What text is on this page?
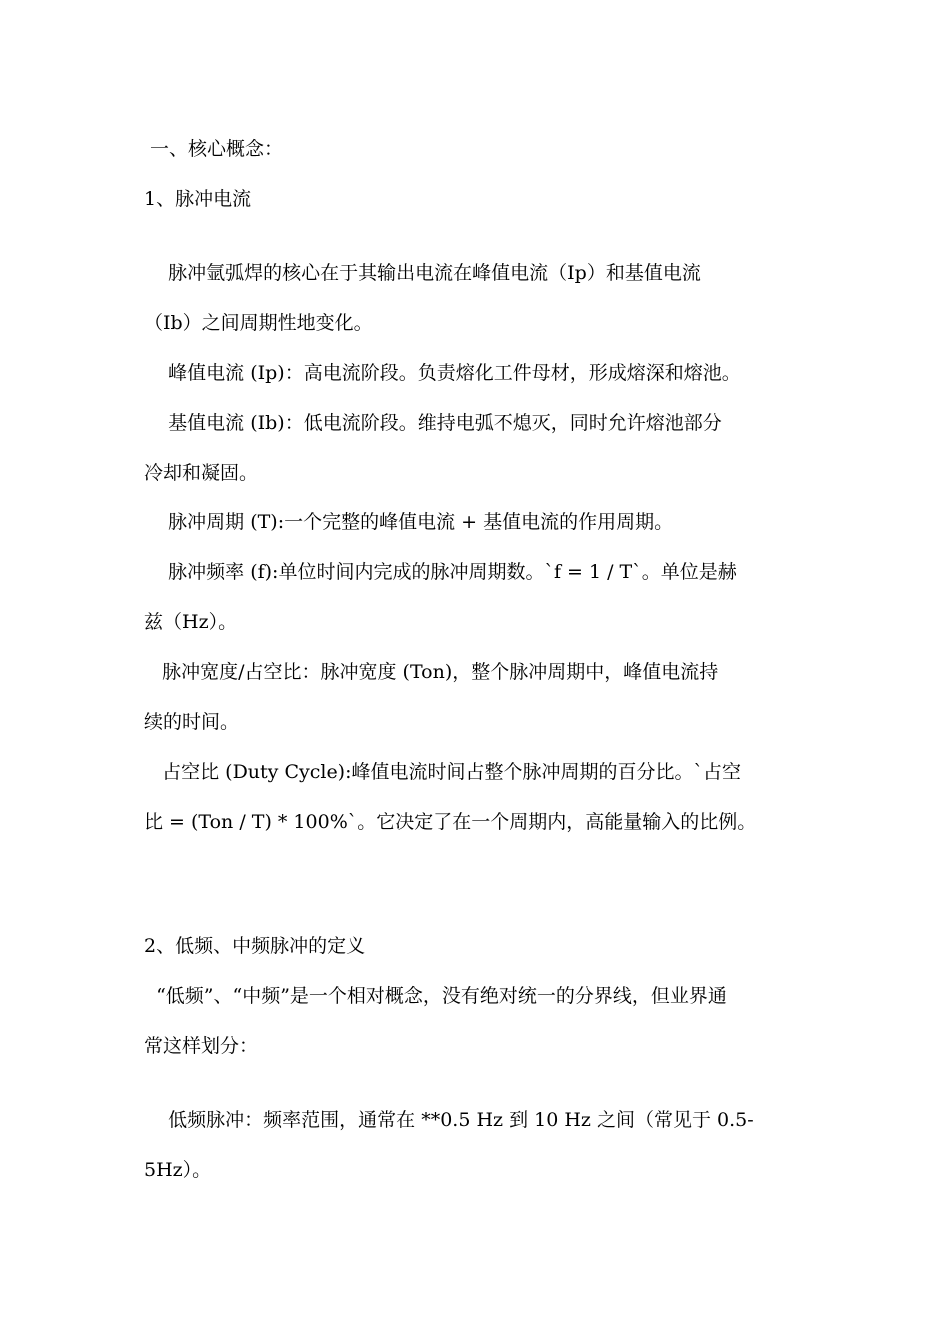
一、核心概念：
1、脉冲电流
脉冲氩弧焊的核心在于其输出电流在峰值电流（Ip）和基值电流
（Ib）之间周期性地变化。
峰值电流 (Ip)：高电流阶段。负责熔化工件母材，形成熔深和熔池。
基值电流 (Ib)：低电流阶段。维持电弧不熄灭，同时允许熔池部分
冷却和凝固。
脉冲周期 (T):一个完整的峰值电流 + 基值电流的作用周期。
脉冲频率 (f):单位时间内完成的脉冲周期数。`f = 1 / T`。单位是赫
兹（Hz）。
脉冲宽度/占空比：脉冲宽度 (Ton)，整个脉冲周期中，峰值电流持
续的时间。
占空比 (Duty Cycle):峰值电流时间占整个脉冲周期的百分比。`占空
比 = (Ton / T) * 100%`。它决定了在一个周期内，高能量输入的比例。
2、低频、中频脉冲的定义
“低频”、“中频”是一个相对概念，没有绝对统一的分界线，但业界通
常这样划分：
低频脉冲：频率范围，通常在 **0.5 Hz 到 10 Hz 之间（常见于 0.5-
5Hz）。
